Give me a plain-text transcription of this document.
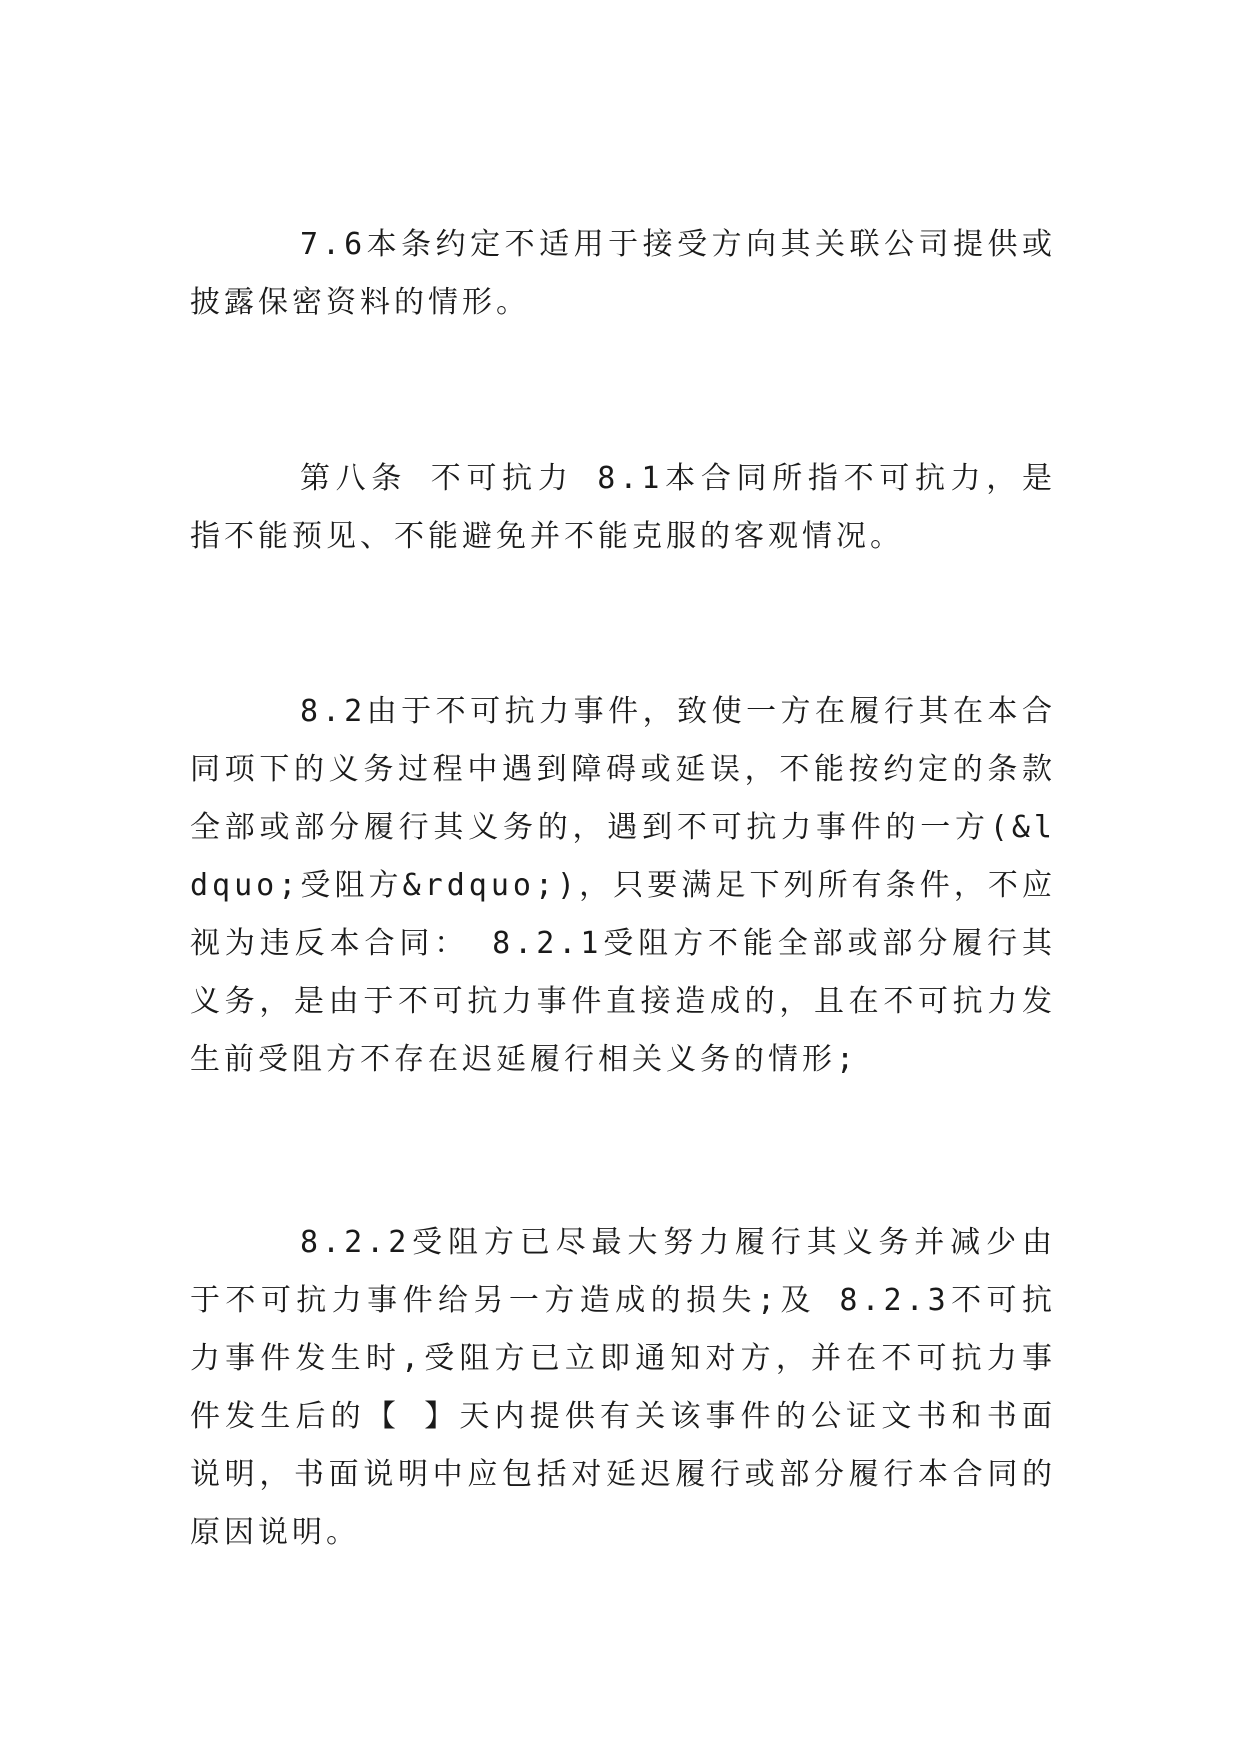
7.6本条约定不适用于接受方向其关联公司提供或披露保密资料的情形。

第八条 不可抗力 8.1本合同所指不可抗力，是指不能预见、不能避免并不能克服的客观情况。

8.2由于不可抗力事件，致使一方在履行其在本合同项下的义务过程中遇到障碍或延误，不能按约定的条款全部或部分履行其义务的，遇到不可抗力事件的一方(&ldquo;受阻方&rdquo;)，只要满足下列所有条件，不应视为违反本合同： 8.2.1受阻方不能全部或部分履行其义务，是由于不可抗力事件直接造成的，且在不可抗力发生前受阻方不存在迟延履行相关义务的情形;

8.2.2受阻方已尽最大努力履行其义务并减少由于不可抗力事件给另一方造成的损失;及 8.2.3不可抗力事件发生时,受阻方已立即通知对方，并在不可抗力事件发生后的【 】天内提供有关该事件的公证文书和书面说明，书面说明中应包括对延迟履行或部分履行本合同的原因说明。
